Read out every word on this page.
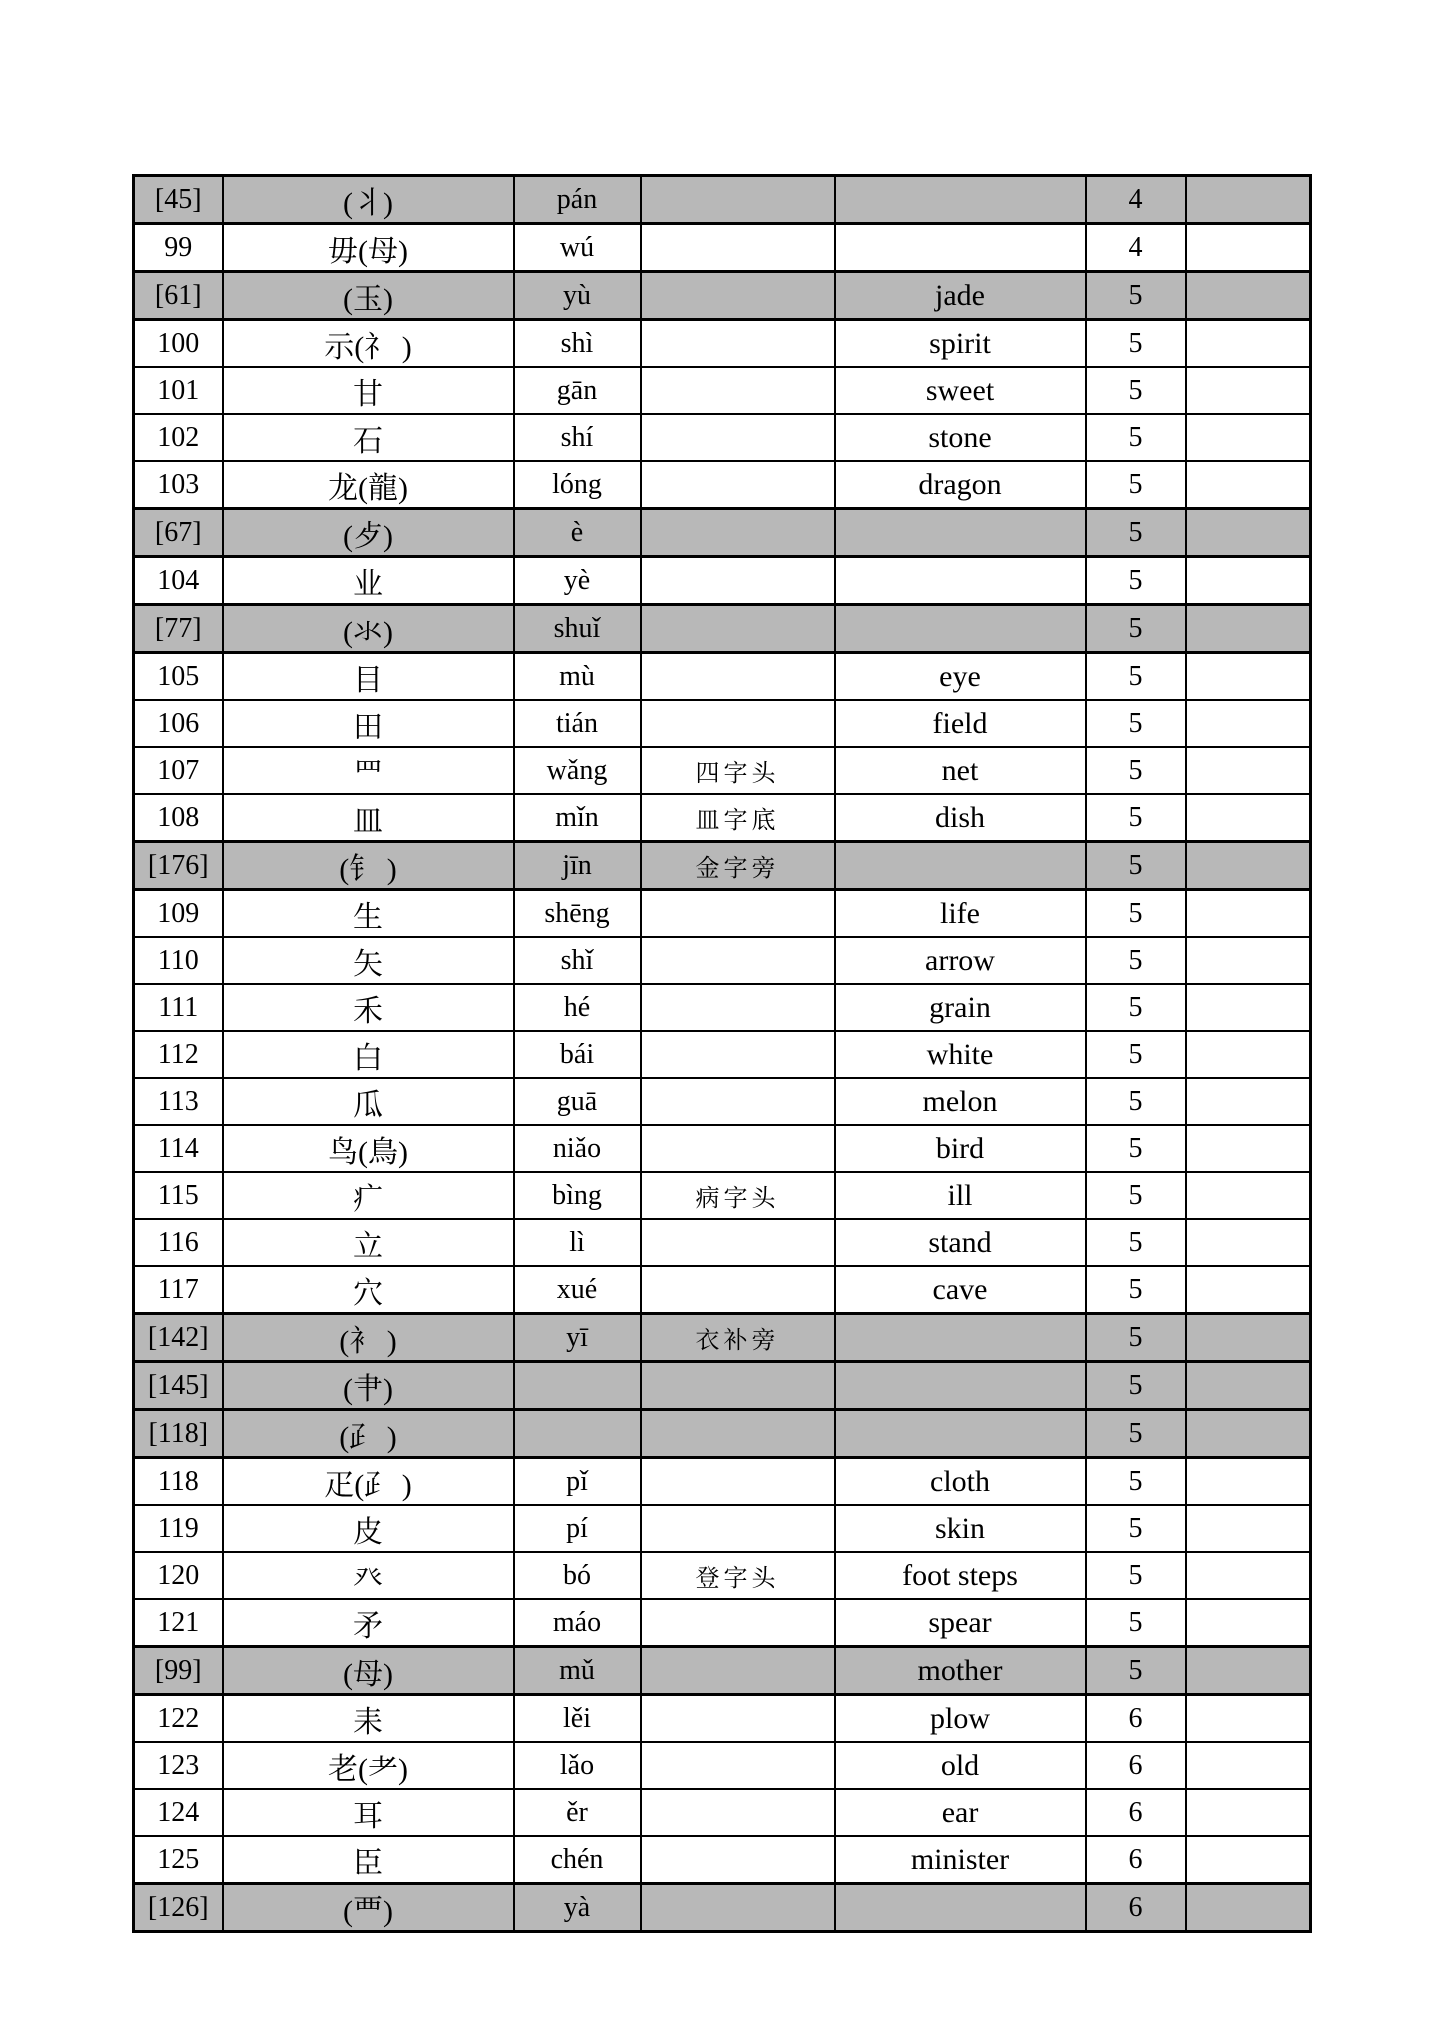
[45]	(丬)	pán			4	
99	毋(母)	wú			4	
[61]	(玉)	yù		jade	5	
100	示(礻 )	shì		spirit	5	
101	甘	gān		sweet	5	
102	石	shí		stone	5	
103	龙(龍)	lóng		dragon	5	
[67]	(歺)	è			5	
104	业	yè			5	
[77]	(氺)	shuǐ			5	
105	目	mù		eye	5	
106	田	tián		field	5	
107	罒	wǎng	四字头	net	5	
108	皿	mǐn	皿字底	dish	5	
[176]	(钅 )	jīn	金字旁		5	
109	生	shēng		life	5	
110	矢	shǐ		arrow	5	
111	禾	hé		grain	5	
112	白	bái		white	5	
113	瓜	guā		melon	5	
114	鸟(鳥)	niǎo		bird	5	
115	疒	bìng	病字头	ill	5	
116	立	lì		stand	5	
117	穴	xué		cave	5	
[142]	(衤 )	yī	衣补旁		5	
[145]	(肀)				5	
[118]	(⺪ )				5	
118	疋(⺪ )	pǐ		cloth	5	
119	皮	pí		skin	5	
120	癶	bó	登字头	foot steps	5	
121	矛	máo		spear	5	
[99]	(母)	mǔ		mother	5	
122	耒	lěi		plow	6	
123	老(耂)	lǎo		old	6	
124	耳	ěr		ear	6	
125	臣	chén		minister	6	
[126]	(覀)	yà			6	
